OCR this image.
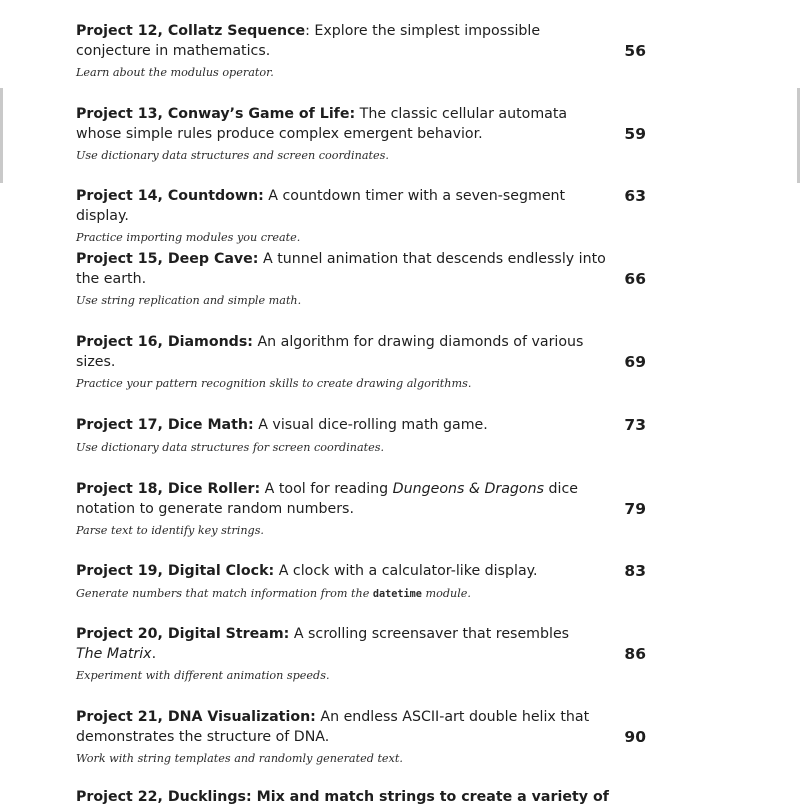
Project 12, Collatz Sequence: Explore the simplest impossible conjecture in mathematics.
Learn about the modulus operator.
56
Project 13, Conway’s Game of Life: The classic cellular automata whose simple rules produce complex emergent behavior.
Use dictionary data structures and screen coordinates.
59
Project 14, Countdown: A countdown timer with a seven-segment display.
Practice importing modules you create.
63
Project 15, Deep Cave: A tunnel animation that descends endlessly into the earth.
Use string replication and simple math.
66
Project 16, Diamonds: An algorithm for drawing diamonds of various sizes.
Practice your pattern recognition skills to create drawing algorithms.
69
Project 17, Dice Math: A visual dice-rolling math game.
Use dictionary data structures for screen coordinates.
73
Project 18, Dice Roller: A tool for reading Dungeons & Dragons dice notation to generate random numbers.
Parse text to identify key strings.
79
Project 19, Digital Clock: A clock with a calculator-like display.
Generate numbers that match information from the datetime module.
83
Project 20, Digital Stream: A scrolling screensaver that resembles
The Matrix.
Experiment with different animation speeds.
86
Project 21, DNA Visualization: An endless ASCII-art double helix that demonstrates the structure of DNA.
Work with string templates and randomly generated text.
90
Project 22, Ducklings: Mix and match strings to create a variety of
